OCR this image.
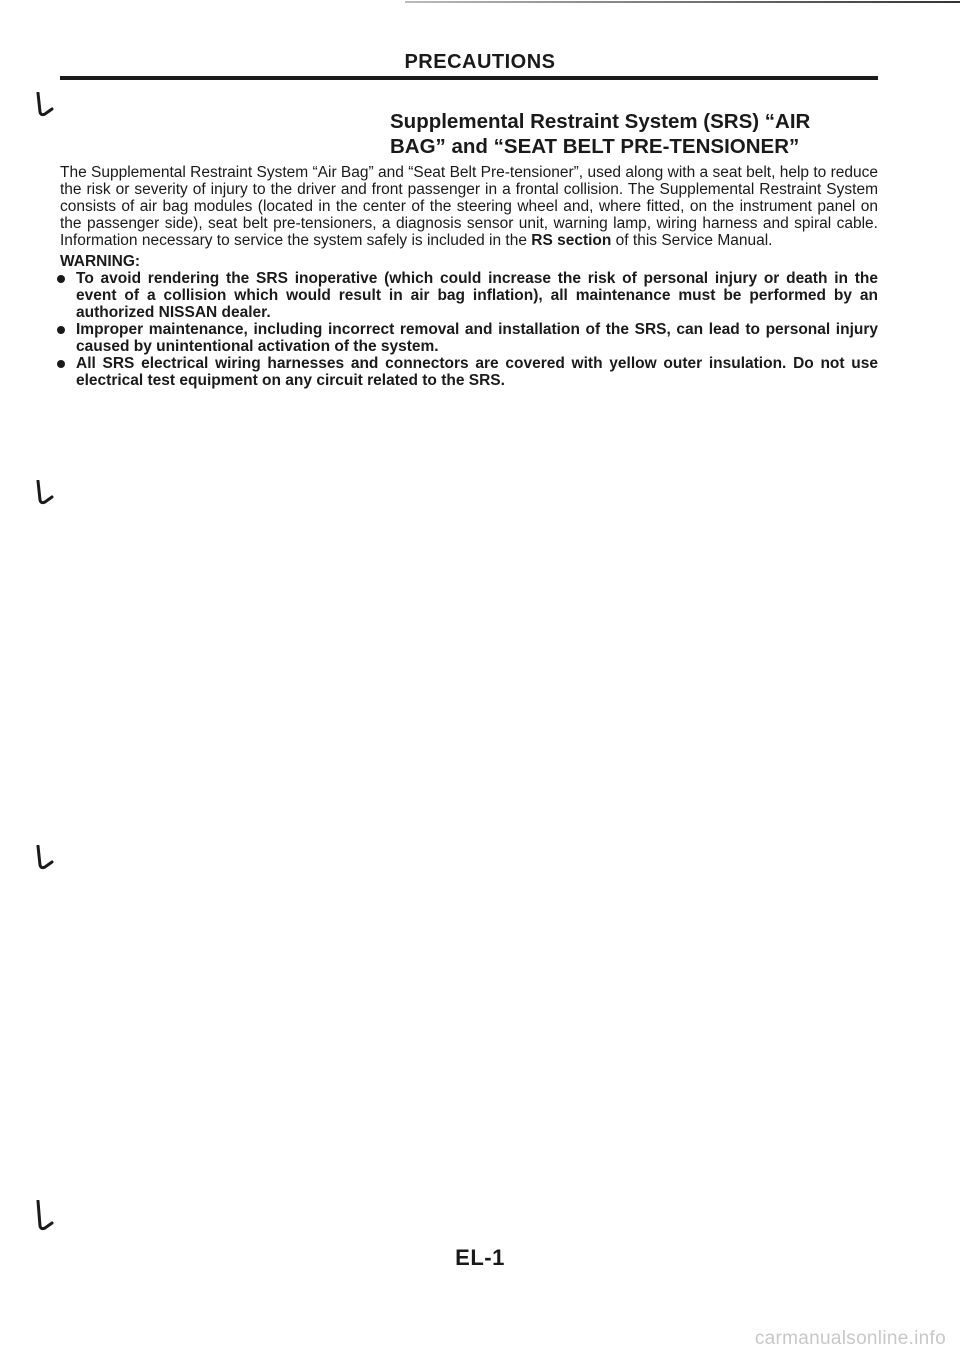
PRECAUTIONS
Supplemental Restraint System (SRS) “AIR BAG” and “SEAT BELT PRE-TENSIONER”

The Supplemental Restraint System “Air Bag” and “Seat Belt Pre-tensioner”, used along with a seat belt, help to reduce the risk or severity of injury to the driver and front passenger in a frontal collision. The Supplemental Restraint System consists of air bag modules (located in the center of the steering wheel and, where fitted, on the instrument panel on the passenger side), seat belt pre-tensioners, a diagnosis sensor unit, warning lamp, wiring harness and spiral cable. Information necessary to service the system safely is included in the RS section of this Service Manual.

WARNING:

To avoid rendering the SRS inoperative (which could increase the risk of personal injury or death in the event of a collision which would result in air bag inflation), all maintenance must be performed by an authorized NISSAN dealer.
Improper maintenance, including incorrect removal and installation of the SRS, can lead to personal injury caused by unintentional activation of the system.
All SRS electrical wiring harnesses and connectors are covered with yellow outer insulation. Do not use electrical test equipment on any circuit related to the SRS.
EL-1
carmanualsonline.info
